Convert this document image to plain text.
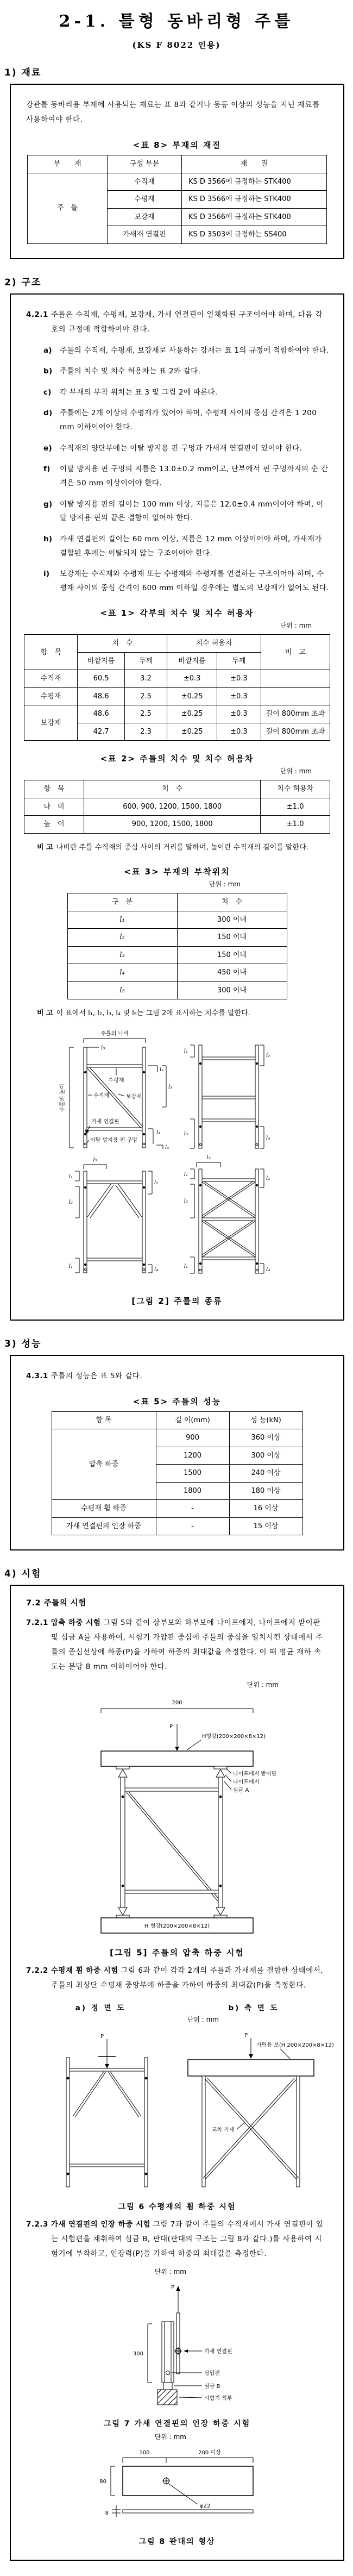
2-1. 틀형 동바리형 주틀
(KS F 8022 인용)
1) 재료

강관틀 동바리용 부재에 사용되는 재료는 표 8과 같거나 동등 이상의 성능을 지닌 재료를 사용하여야 한다.

<표 8> 부재의 재질
부　　재	구성 부분	재　　질
주　틀	수직재	KS D 3566에 규정하는 STK400
	수평재	KS D 3566에 규정하는 STK400
	보강재	KS D 3566에 규정하는 STK400
	가새재 연결핀	KS D 3503에 규정하는 SS400
2) 구조

4.2.1 주틀은 수직재, 수평재, 보강재, 가새 연결핀이 일체화된 구조이어야 하며, 다음 각 호의 규정에 적합하여야 한다.

a)	주틀의 수직재, 수평재, 보강재로 사용하는 강재는 표 1의 규정에 적합하여야 한다.
b)	주틀의 치수 및 치수 허용차는 표 2와 같다.
c)	각 부재의 부착 위치는 표 3 및 그림 2에 따른다.
d)	주틀에는 2개 이상의 수평재가 있어야 하며, 수평재 사이의 중심 간격은 1 200 mm 이하이어야 한다.
e)	수직재의 양단부에는 이탈 방지용 핀 구멍과 가새재 연결핀이 있어야 한다.
f)	이탈 방지용 핀 구멍의 지름은 13.0±0.2 mm이고, 단부에서 핀 구멍까지의 순 간격은 50 mm 이상이어야 한다.
g)	이탈 방지용 핀의 길이는 100 mm 이상, 지름은 12.0±0.4 mm이어야 하며, 이탈 방지용 핀의 끝은 결함이 없어야 한다.
h)	가새 연결핀의 길이는 60 mm 이상, 지름은 12 mm 이상이어야 하며, 가새재가 결합된 후에는 이탈되지 않는 구조이어야 한다.
i)	보강재는 수직재와 수평재 또는 수평재와 수평재를 연결하는 구조이어야 하며, 수평재 사이의 중심 간격이 600 mm 이하일 경우에는 별도의 보강재가 없어도 된다.
<표 1> 각부의 치수 및 치수 허용차
단위 : mm
항　목	치　수		치수 허용차		비　고
	바깥지름	두께	바깥지름	두께	
수직재	60.5	3.2	±0.3	±0.3	
수평재	48.6	2.5	±0.25	±0.3	
보강재	48.6	2.5	±0.25	±0.3	길이 800mm 초과
	42.7	2.3	±0.25	±0.3	길이 800mm 초과
<표 2> 주틀의 치수 및 치수 허용차
단위 : mm
항　목	치　수	치수 허용차
나　비	600, 900, 1200, 1500, 1800	±1.0
높　이	900, 1200, 1500, 1800	±1.0

비 고 나비란 주틀 수직재의 중심 사이의 거리를 말하며, 높이란 수직재의 길이를 말한다.

<표 3> 부재의 부착위치
단위 : mm
구　분	치　수
l₁	300 이내
l₂	150 이내
l₃	150 이내
l₄	450 이내
l₅	300 이내

비 고 이 표에서 l₁, l₂, l₃, l₄ 및 l₅는 그림 2에 표시하는 치수를 말한다.

주틀의 나비
l₅
주틀의 높이
수평재
수직재	보강재
가새 연결핀
이탈 방지용 핀 구멍
l₂
l₁
l₁
l₄
l₁
l₂
l₃
l₄
l₅
l₁
l₃
l₂
l₁
l₄
l₅
l₁
l₃
l₂
l₁
l₄
[그림 2] 주틀의 종류
3) 성능

4.3.1 주틀의 성능은 표 5와 같다.

<표 5> 주틀의 성능
항 목	길 이(mm)	성 능(kN)
압축 하중	900	360 이상
	1200	300 이상
	1500	240 이상
	1800	180 이상
수평재 휨 하중	-	16 이상
가새 연결핀의 인장 하중	-	15 이상
4) 시험
7.2 주틀의 시험

7.2.1 압축 하중 시험 그림 5와 같이 상부보와 하부보에 나이프에지, 나이프에지 받이판 및 심금 A를 사용하여, 시험기 가압판 중심에 주틀의 중심을 일치시킨 상태에서 주틀의 중심선상에 하중(P)을 가하여 하중의 최대값을 측정한다. 이 때 평균 재하 속도는 분당 8 mm 이하이어야 한다.

단위 : mm
200
P
H형강(200×200×8×12)
H 형강(200×200×8×12)
나이프에지 받이판
나이프에지
심금 A
[그림 5] 주틀의 압축 하중 시험

7.2.2 수평재 휨 하중 시험 그림 6과 같이 각각 2개의 주틀과 가새재를 결합한 상태에서, 주틀의 최상단 수평재 중앙부에 하중을 가하여 하중의 최대값(P)을 측정한다.

a) 정 면 도	b) 측 면 도
단위 : mm
P	P
가력용 보(H 200×200×8×12)
교차 가새
그림 6 수평재의 휨 하중 시험

7.2.3 가새 연결핀의 인장 하중 시험 그림 7과 같이 주틀의 수직재에서 가새 연결핀이 있는 시험편을 채취하여 심금 B, 판대(판대의 구조는 그림 8과 같다.)를 사용하여 시험기에 부착하고, 인장력(P)을 가하여 하중의 최대값을 측정한다.

단위 : mm
P
300	가새 연결핀
삽입핀
심금 B
시험기 척부
그림 7 가새 연결핀의 인장 하중 시험
단위 : mm
100	200 이상
φ22
80
8
그림 8 판대의 형상
